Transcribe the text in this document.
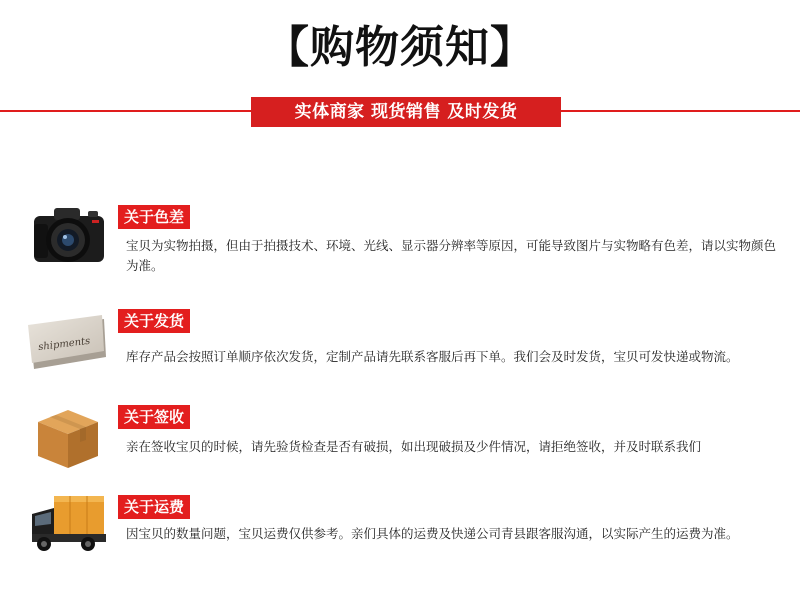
【购物须知】
实体商家 现货销售 及时发货
关于色差
宝贝为实物拍摄，但由于拍摄技术、环境、光线、显示器分辨率等原因，可能导致图片与实物略有色差，请以实物颜色为准。
shipments
关于发货
库存产品会按照订单顺序依次发货，定制产品请先联系客服后再下单。我们会及时发货，宝贝可发快递或物流。
关于签收
亲在签收宝贝的时候，请先验货检查是否有破损，如出现破损及少件情况，请拒绝签收，并及时联系我们
关于运费
因宝贝的数量问题，宝贝运费仅供参考。亲们具体的运费及快递公司青县跟客服沟通，以实际产生的运费为准。
